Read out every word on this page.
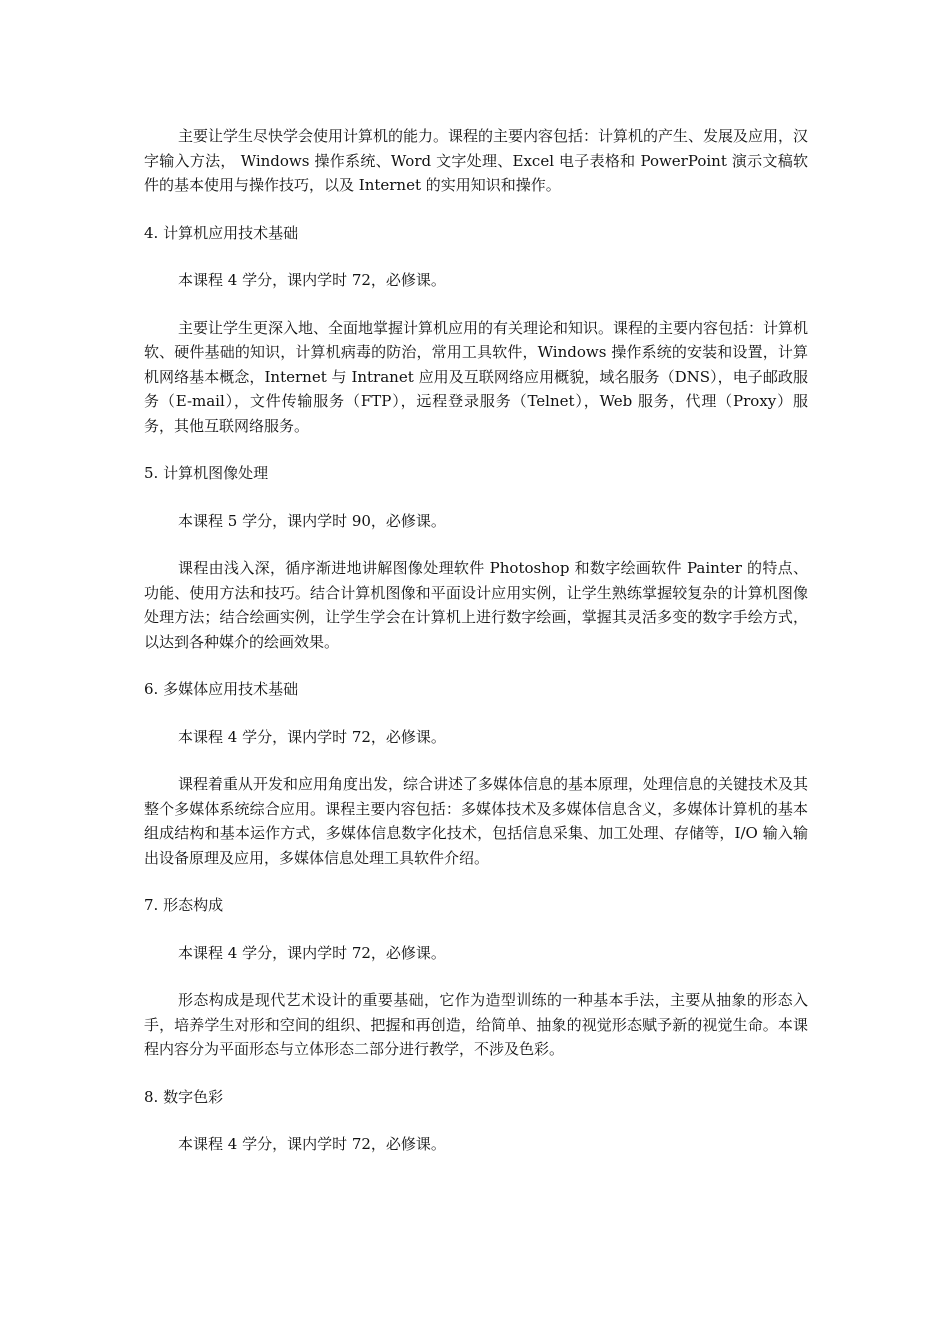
主要让学生尽快学会使用计算机的能力。课程的主要内容包括：计算机的产生、发展及应用，汉字输入方法， Windows 操作系统、Word 文字处理、Excel 电子表格和 PowerPoint 演示文稿软件的基本使用与操作技巧，以及 Internet 的实用知识和操作。

4. 计算机应用技术基础

本课程 4 学分，课内学时 72，必修课。

主要让学生更深入地、全面地掌握计算机应用的有关理论和知识。课程的主要内容包括：计算机软、硬件基础的知识，计算机病毒的防治，常用工具软件，Windows 操作系统的安装和设置，计算机网络基本概念，Internet 与 Intranet 应用及互联网络应用概貌，域名服务（DNS），电子邮政服务（E-mail），文件传输服务（FTP），远程登录服务（Telnet），Web 服务，代理（Proxy）服务，其他互联网络服务。

5. 计算机图像处理

本课程 5 学分，课内学时 90，必修课。

课程由浅入深，循序渐进地讲解图像处理软件 Photoshop 和数字绘画软件 Painter 的特点、功能、使用方法和技巧。结合计算机图像和平面设计应用实例，让学生熟练掌握较复杂的计算机图像处理方法；结合绘画实例，让学生学会在计算机上进行数字绘画，掌握其灵活多变的数字手绘方式，以达到各种媒介的绘画效果。

6. 多媒体应用技术基础

本课程 4 学分，课内学时 72，必修课。

课程着重从开发和应用角度出发，综合讲述了多媒体信息的基本原理，处理信息的关键技术及其整个多媒体系统综合应用。课程主要内容包括：多媒体技术及多媒体信息含义，多媒体计算机的基本组成结构和基本运作方式，多媒体信息数字化技术，包括信息采集、加工处理、存储等，I/O 输入输出设备原理及应用，多媒体信息处理工具软件介绍。

7. 形态构成

本课程 4 学分，课内学时 72，必修课。

形态构成是现代艺术设计的重要基础，它作为造型训练的一种基本手法，主要从抽象的形态入手，培养学生对形和空间的组织、把握和再创造，给简单、抽象的视觉形态赋予新的视觉生命。本课程内容分为平面形态与立体形态二部分进行教学，不涉及色彩。

8. 数字色彩

本课程 4 学分，课内学时 72，必修课。
